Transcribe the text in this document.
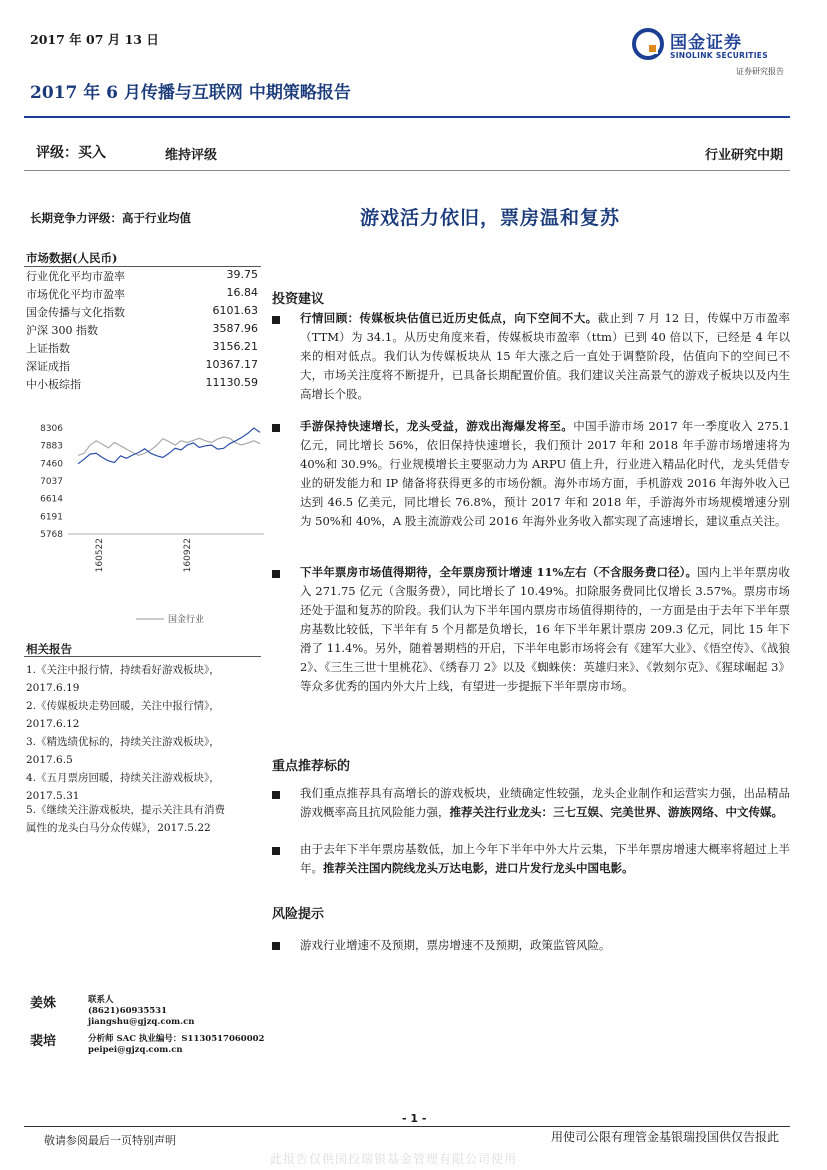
2017 年 07 月 13 日	国金证券
SINOLINK SECURITIES
证券研究报告
2017 年 6 月传播与互联网 中期策略报告
评级：买入	维持评级	行业研究中期
长期竞争力评级：高于行业均值
市场数据(人民币)
行业优化平均市盈率	39.75
市场优化平均市盈率	16.84
国金传播与文化指数	6101.63
沪深 300 指数	3587.96
上证指数	3156.21
深证成指	10367.17
中小板综指	11130.59
8306
7883
7460
7037
6614
6191
5768
160522	160922
国金行业
相关报告
1.《关注中报行情，持续看好游戏板块》，
2017.6.19
2.《传媒板块走势回暖，关注中报行情》，
2017.6.12
3.《精选绩优标的，持续关注游戏板块》，
2017.6.5
4.《五月票房回暖，持续关注游戏板块》，
2017.5.31
5.《继续关注游戏板块，提示关注具有消费
属性的龙头白马分众传媒》，2017.5.22
游戏活力依旧，票房温和复苏
投资建议
行情回顾：传媒板块估值已近历史低点，向下空间不大。截止到 7 月 12 日，传媒中万市盈率（TTM）为 34.1。从历史角度来看，传媒板块市盈率（ttm）已到 40 倍以下，已经是 4 年以来的相对低点。我们认为传媒板块从 15 年大涨之后一直处于调整阶段，估值向下的空间已不大，市场关注度将不断提升，已具备长期配置价值。我们建议关注高景气的游戏子板块以及内生高增长个股。
手游保持快速增长，龙头受益，游戏出海爆发将至。中国手游市场 2017 年一季度收入 275.1 亿元，同比增长 56%，依旧保持快速增长，我们预计 2017 年和 2018 年手游市场增速将为 40%和 30.9%。行业规模增长主要驱动力为 ARPU 值上升，行业进入精品化时代，龙头凭借专业的研发能力和 IP 储备将获得更多的市场份额。海外市场方面，手机游戏 2016 年海外收入已达到 46.5 亿美元，同比增长 76.8%，预计 2017 年和 2018 年，手游海外市场规模增速分别为 50%和 40%，A 股主流游戏公司 2016 年海外业务收入都实现了高速增长，建议重点关注。
下半年票房市场值得期待，全年票房预计增速 11%左右（不含服务费口径）。国内上半年票房收入 271.75 亿元（含服务费），同比增长了 10.49%。扣除服务费同比仅增长 3.57%。票房市场还处于温和复苏的阶段。我们认为下半年国内票房市场值得期待的，一方面是由于去年下半年票房基数比较低，下半年有 5 个月都是负增长，16 年下半年累计票房 209.3 亿元，同比 15 年下滑了 11.4%。另外，随着暑期档的开启，下半年电影市场将会有《建军大业》、《悟空传》、《战狼 2》、《三生三世十里桃花》、《绣春刀 2》以及《蜘蛛侠：英雄归来》、《敦刻尔克》、《猩球崛起 3》等众多优秀的国内外大片上线，有望进一步提振下半年票房市场。
重点推荐标的
我们重点推荐具有高增长的游戏板块，业绩确定性较强，龙头企业制作和运营实力强，出品精品游戏概率高且抗风险能力强，推荐关注行业龙头：三七互娱、完美世界、游族网络、中文传媒。
由于去年下半年票房基数低，加上今年下半年中外大片云集，下半年票房增速大概率将超过上半年。推荐关注国内院线龙头万达电影，进口片发行龙头中国电影。
风险提示
游戏行业增速不及预期，票房增速不及预期，政策监管风险。
姜姝	联系人
(8621)60935531
jiangshu@gjzq.com.cn
裴培	分析师 SAC 执业编号：S1130517060002
peipei@gjzq.com.cn
- 1 -
敬请参阅最后一页特别声明	用使司公限有理管金基银瑞投国供仅告报此
此报告仅供国投瑞银基金管理有限公司使用
